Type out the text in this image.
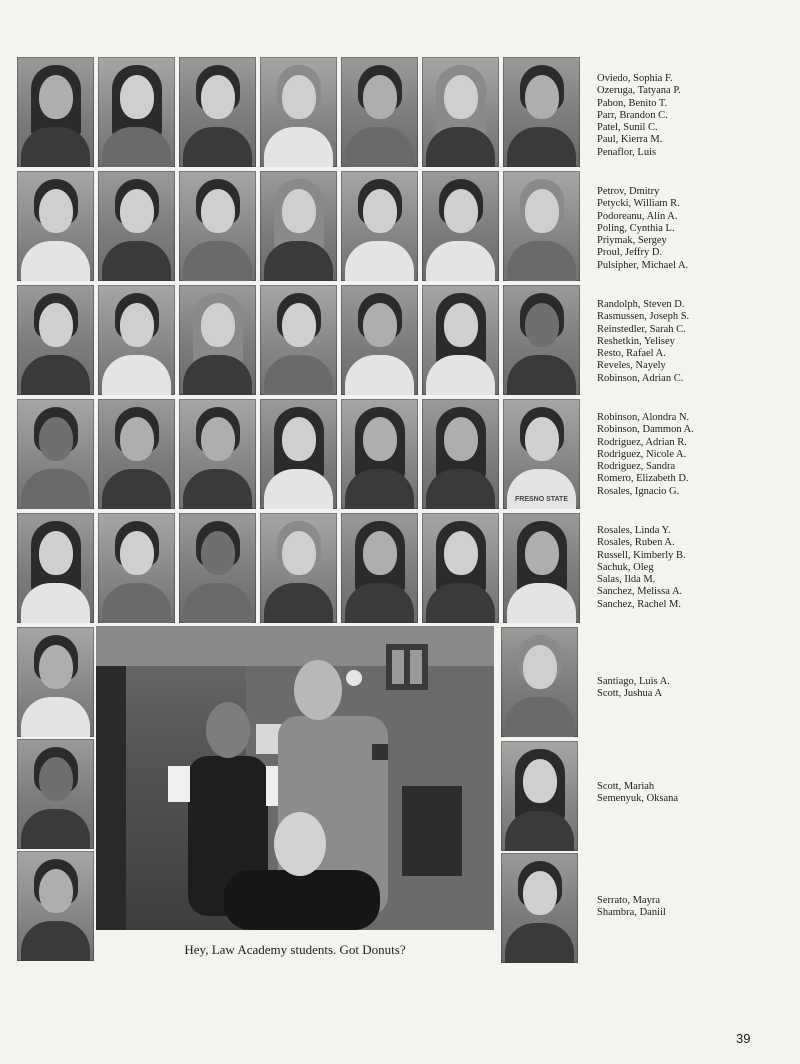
FRESNO STATE
Hey, Law Academy students. Got Donuts?
Oviedo, Sophia F.
Ozeruga, Tatyana P.
Pabon, Benito T.
Parr, Brandon C.
Patel, Sunil C.
Paul, Kierra M.
Penaflor, Luis
Petrov, Dmitry
Petycki, William R.
Podoreanu, Alin A.
Poling, Cynthia L.
Priymak, Sergey
Proul, Jeffry D.
Pulsipher, Michael A.
Randolph, Steven D.
Rasmussen, Joseph S.
Reinstedler, Sarah C.
Reshetkin, Yelisey
Resto, Rafael A.
Reveles, Nayely
Robinson, Adrian C.
Robinson, Alondra N.
Robinson, Dammon A.
Rodriguez, Adrian R.
Rodriguez, Nicole A.
Rodriguez, Sandra
Romero, Elizabeth D.
Rosales, Ignacio G.
Rosales, Linda Y.
Rosales, Ruben A.
Russell, Kimberly B.
Sachuk, Oleg
Salas, Ilda M.
Sanchez, Melissa A.
Sanchez, Rachel M.
Santiago, Luis A.
Scott, Jushua A
Scott, Mariah
Semenyuk, Oksana
Serrato, Mayra
Shambra, Daniil
39
